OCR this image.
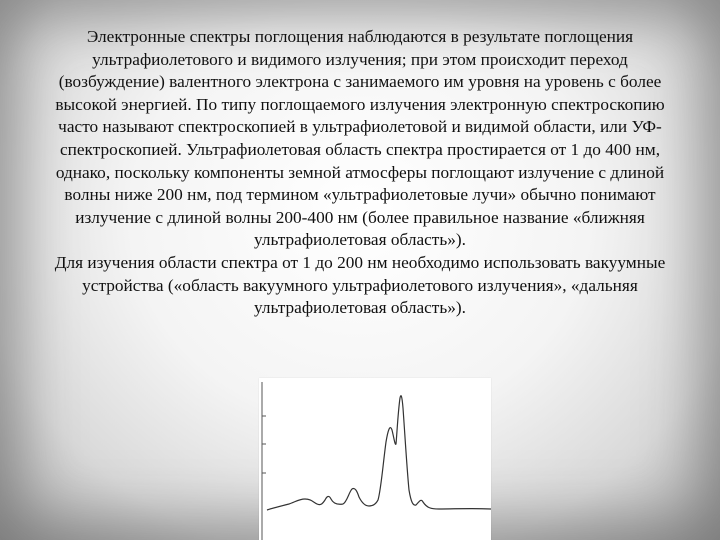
Электронные спектры поглощения наблюдаются в результате поглощения ультрафиолетового и видимого излучения; при этом происходит переход (возбуждение) валентного электрона с занимаемого им уровня на уровень с более высокой энергией. По типу поглощаемого излучения электронную спектроскопию часто называют спектроскопией в ультрафиолетовой и видимой области, или УФ-спектроскопией. Ультрафиолетовая область спектра простирается от 1 до 400 нм, однако, поскольку компоненты земной атмосферы поглощают излучение с длиной волны ниже 200 нм, под термином «ультрафиолетовые лучи» обычно понимают излучение с длиной волны 200-400 нм (более правильное название «ближняя ультрафиолетовая область»).

Для изучения области спектра от 1 до 200 нм необходимо использовать вакуумные устройства («область вакуумного ультрафиолетового излучения», «дальняя ультрафиолетовая область»).
